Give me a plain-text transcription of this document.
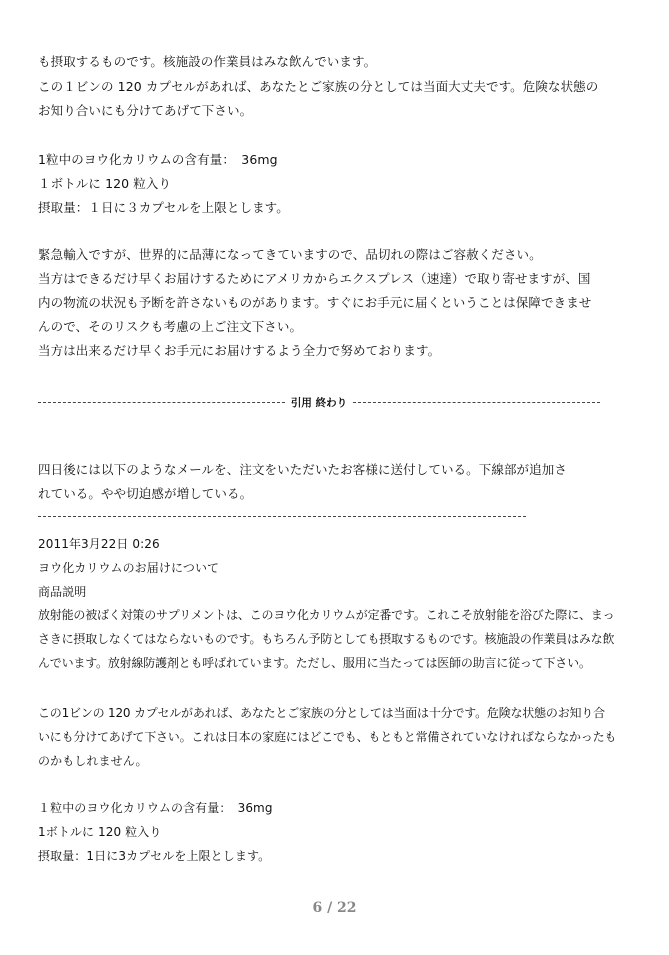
も摂取するものです。核施設の作業員はみな飲んでいます。
この１ビンの 120 カプセルがあれば、あなたとご家族の分としては当面大丈夫です。危険な状態の
お知り合いにも分けてあげて下さい。
1粒中のヨウ化カリウムの含有量：　36mg
１ボトルに 120 粒入り
摂取量：１日に３カプセルを上限とします。
緊急輸入ですが、世界的に品薄になってきていますので、品切れの際はご容赦ください。
当方はできるだけ早くお届けするためにアメリカからエクスプレス（速達）で取り寄せますが、国
内の物流の状況も予断を許さないものがあります。すぐにお手元に届くということは保障できませ
んので、そのリスクも考慮の上ご注文下さい。
当方は出来るだけ早くお手元にお届けするよう全力で努めております。
引用 終わり
四日後には以下のようなメールを、注文をいただいたお客様に送付している。下線部が追加さ
れている。やや切迫感が増している。
2011年3月22日 0:26
ヨウ化カリウムのお届けについて
商品説明
放射能の被ばく対策のサプリメントは、このヨウ化カリウムが定番です。これこそ放射能を浴びた際に、まっ
さきに摂取しなくてはならないものです。もちろん予防としても摂取するものです。核施設の作業員はみな飲
んでいます。放射線防護剤とも呼ばれています。ただし、服用に当たっては医師の助言に従って下さい。
この1ビンの 120 カプセルがあれば、あなたとご家族の分としては当面は十分です。危険な状態のお知り合
いにも分けてあげて下さい。これは日本の家庭にはどこでも、もともと常備されていなければならなかったも
のかもしれません。
１粒中のヨウ化カリウムの含有量：　36mg
1ボトルに 120 粒入り
摂取量：1日に3カプセルを上限とします。
6 / 22
